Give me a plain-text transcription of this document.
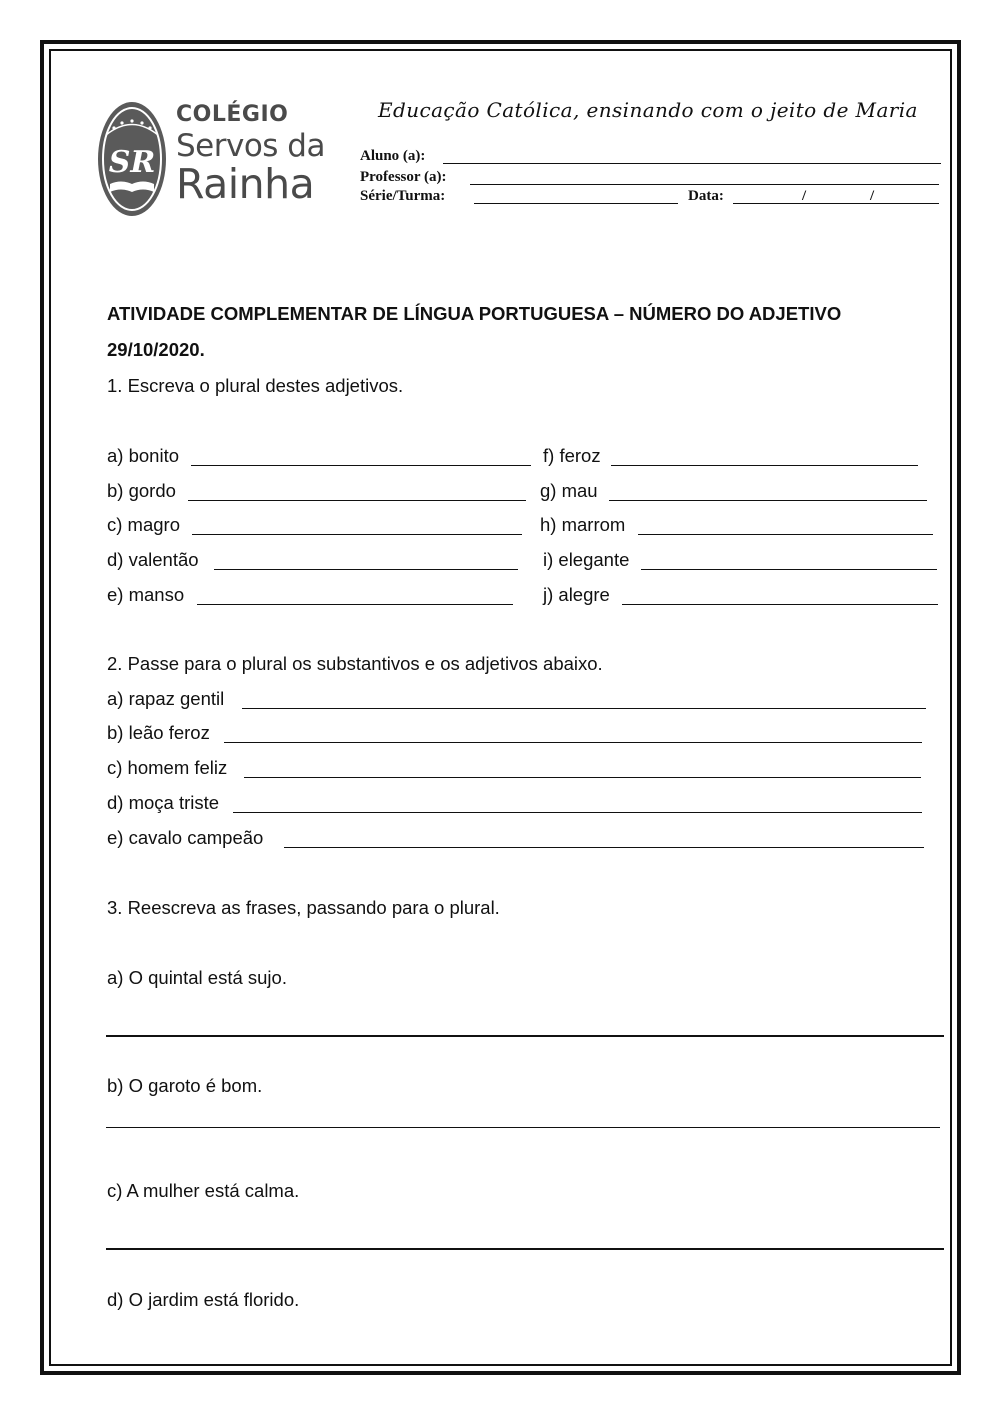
SR
COLÉGIO
Servos da
Rainha
Educação Católica, ensinando com o jeito de Maria
Aluno (a):
Professor (a):
Série/Turma:	Data:	/	/
ATIVIDADE COMPLEMENTAR DE LÍNGUA PORTUGUESA – NÚMERO DO ADJETIVO
29/10/2020.
1. Escreva o plural destes adjetivos.
a) bonito	f) feroz
b) gordo	g) mau
c) magro	h) marrom
d) valentão	i) elegante
e) manso	j) alegre
2. Passe para o plural os substantivos e os adjetivos abaixo.
a) rapaz gentil
b) leão feroz
c) homem feliz
d) moça triste
e) cavalo campeão
3. Reescreva as frases, passando para o plural.
a) O quintal está sujo.
b) O garoto é bom.
c) A mulher está calma.
d) O jardim está florido.
